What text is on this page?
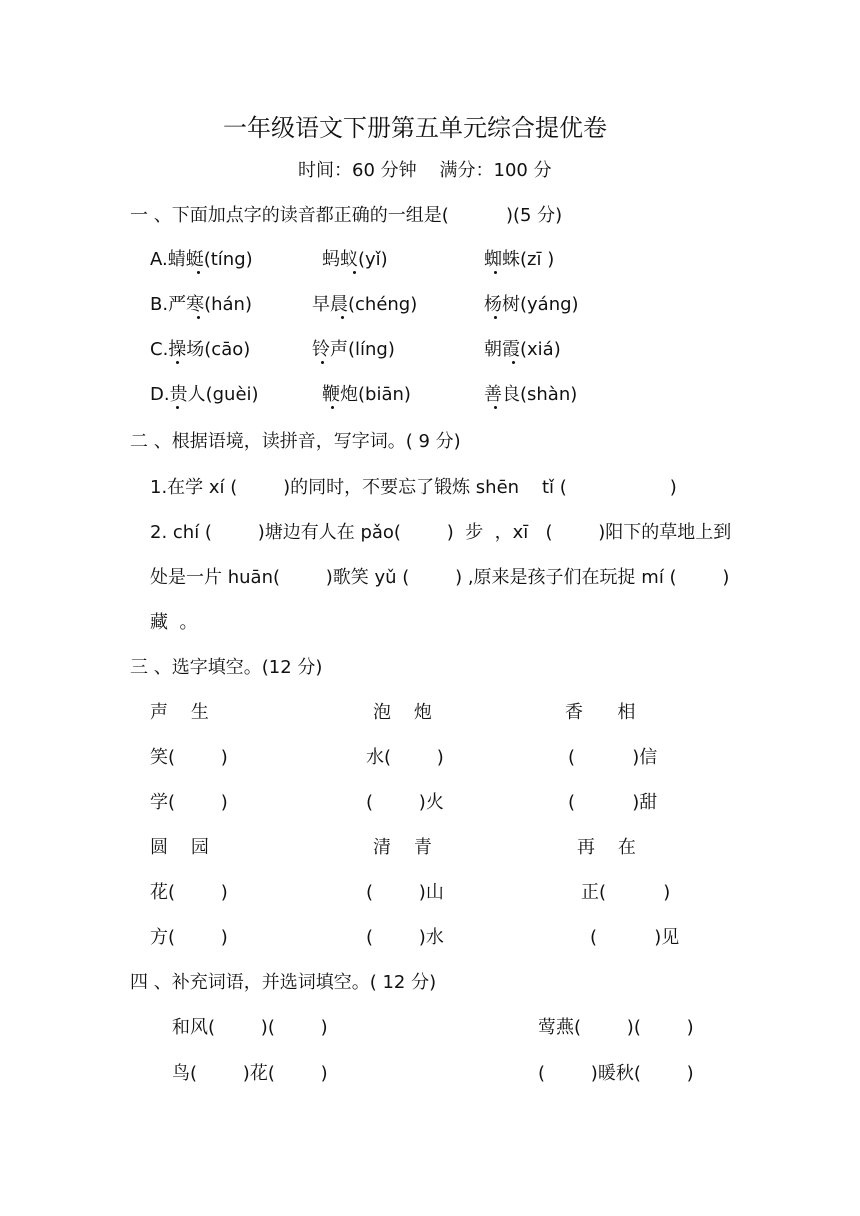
一年级语文下册第五单元综合提优卷
时间：60 分钟    满分：100 分
一 、下面加点字的读音都正确的一组是(          )(5 分)
A.蜻蜓(tíng)	蚂蚁(yǐ)	蜘蛛(zī )
B.严寒(hán)	早晨(chéng)	杨树(yáng)
C.操场(cāo)	铃声(líng)	朝霞(xiá)
D.贵人(guèi)	鞭炮(biān)	善良(shàn)
二 、根据语境，读拼音，写字词。( 9 分)
1.在学 xí (        )的同时，不要忘了锻炼 shēn    tǐ (                  )
2. chí (        )塘边有人在 pǎo(        )  步  ，xī   (        )阳下的草地上到
处是一片 huān(        )歌笑 yǔ (        ) ,原来是孩子们在玩捉 mí (        )
藏  。
三 、选字填空。(12 分)
声    生	泡    炮	香      相
笑(        )	水(        )	(          )信
学(        )	(        )火	(          )甜
圆    园	清    青	再    在
花(        )	(        )山	正(          )
方(        )	(        )水	(          )见
四 、补充词语，并选词填空。( 12 分)
和风(        )(        )	莺燕(        )(        )
鸟(        )花(        )	(        )暖秋(        )
